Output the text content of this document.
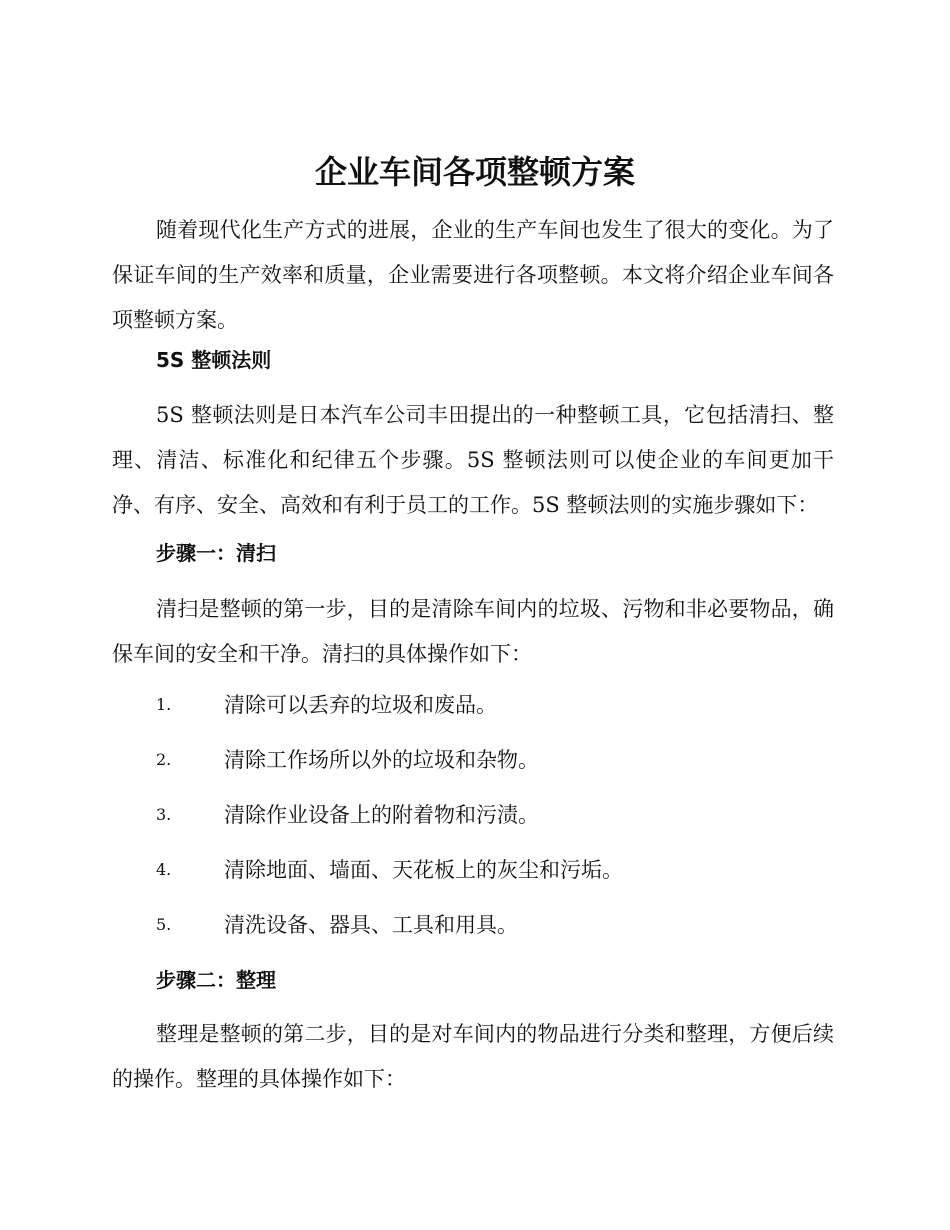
企业车间各项整顿方案

随着现代化生产方式的进展，企业的生产车间也发生了很大的变化。为了保证车间的生产效率和质量，企业需要进行各项整顿。本文将介绍企业车间各项整顿方案。

5S 整顿法则

5S 整顿法则是日本汽车公司丰田提出的一种整顿工具，它包括清扫、整理、清洁、标准化和纪律五个步骤。5S 整顿法则可以使企业的车间更加干净、有序、安全、高效和有利于员工的工作。5S 整顿法则的实施步骤如下：

步骤一：清扫

清扫是整顿的第一步，目的是清除车间内的垃圾、污物和非必要物品，确保车间的安全和干净。清扫的具体操作如下：

1.	清除可以丢弃的垃圾和废品。
2.	清除工作场所以外的垃圾和杂物。
3.	清除作业设备上的附着物和污渍。
4.	清除地面、墙面、天花板上的灰尘和污垢。
5.	清洗设备、器具、工具和用具。
步骤二：整理

整理是整顿的第二步，目的是对车间内的物品进行分类和整理，方便后续的操作。整理的具体操作如下：
